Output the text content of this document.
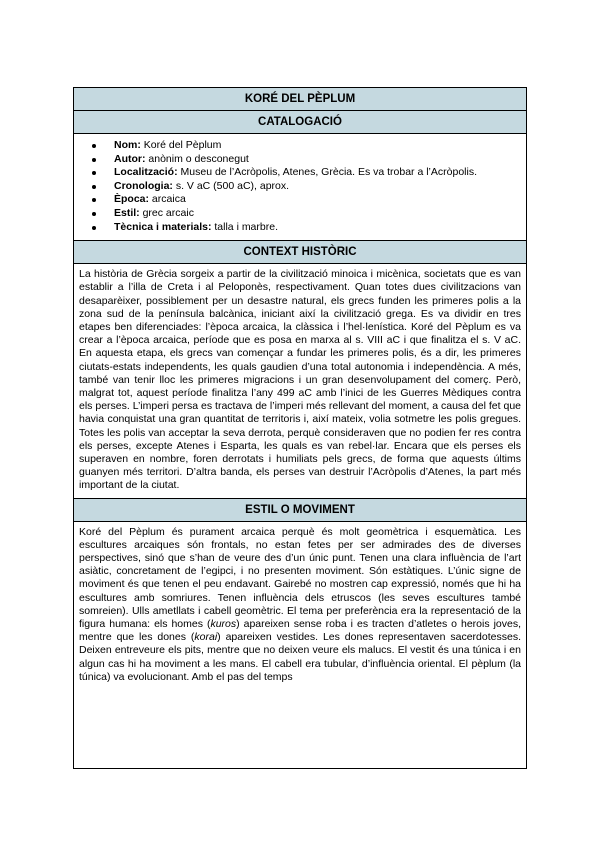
KORÉ DEL PÈPLUM
CATALOGACIÓ
Nom: Koré del Pèplum
Autor: anònim o desconegut
Localització: Museu de l’Acròpolis, Atenes, Grècia. Es va trobar a l’Acròpolis.
Cronologia: s. V aC (500 aC), aprox.
Època: arcaica
Estil: grec arcaic
Tècnica i materials: talla i marbre.
CONTEXT HISTÒRIC

La història de Grècia sorgeix a partir de la civilització minoica i micènica, societats que es van establir a l’illa de Creta i al Peloponès, respectivament. Quan totes dues civilitzacions van desaparèixer, possiblement per un desastre natural, els grecs funden les primeres polis a la zona sud de la península balcànica, iniciant així la civilització grega. Es va dividir en tres etapes ben diferenciades: l’època arcaica, la clàssica i l’hel·lenística. Koré del Pèplum es va crear a l’època arcaica, període que es posa en marxa al s. VIII aC i que finalitza el s. V aC. En aquesta etapa, els grecs van començar a fundar les primeres polis, és a dir, les primeres ciutats-estats independents, les quals gaudien d’una total autonomia i independència. A més, també van tenir lloc les primeres migracions i un gran desenvolupament del comerç. Però, malgrat tot, aquest període finalitza l’any 499 aC amb l’inici de les Guerres Mèdiques contra els perses. L’imperi persa es tractava de l’imperi més rellevant del moment, a causa del fet que havia conquistat una gran quantitat de territoris i, així mateix, volia sotmetre les polis gregues. Totes les polis van acceptar la seva derrota, perquè consideraven que no podien fer res contra els perses, excepte Atenes i Esparta, les quals es van rebel·lar. Encara que els perses els superaven en nombre, foren derrotats i humiliats pels grecs, de forma que aquests últims guanyen més territori. D’altra banda, els perses van destruir l’Acròpolis d’Atenes, la part més important de la ciutat.

ESTIL O MOVIMENT

Koré del Pèplum és purament arcaica perquè és molt geomètrica i esquemàtica. Les escultures arcaiques són frontals, no estan fetes per ser admirades des de diverses perspectives, sinó que s’han de veure des d’un únic punt. Tenen una clara influència de l’art asiàtic, concretament de l’egipci, i no presenten moviment. Són estàtiques. L’únic signe de moviment és que tenen el peu endavant. Gairebé no mostren cap expressió, només que hi ha escultures amb somriures. Tenen influència dels etruscos (les seves escultures també somreien). Ulls ametllats i cabell geomètric. El tema per preferència era la representació de la figura humana: els homes (kuros) apareixen sense roba i es tracten d’atletes o herois joves, mentre que les dones (korai) apareixen vestides. Les dones representaven sacerdotesses. Deixen entreveure els pits, mentre que no deixen veure els malucs. El vestit és una túnica i en algun cas hi ha moviment a les mans. El cabell era tubular, d’influència oriental. El pèplum (la túnica) va evolucionant. Amb el pas del temps
